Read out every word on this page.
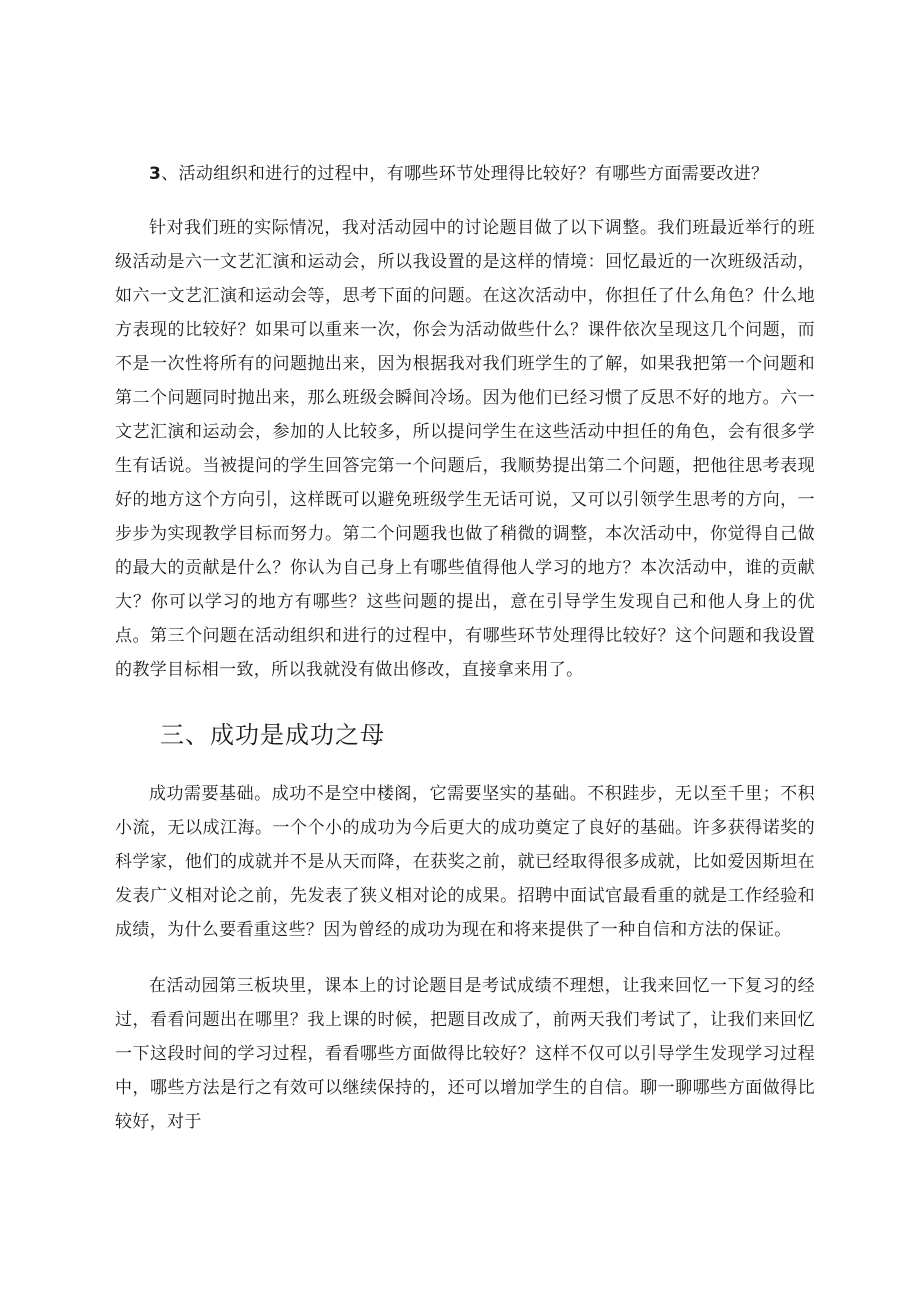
3、活动组织和进行的过程中，有哪些环节处理得比较好？有哪些方面需要改进？

针对我们班的实际情况，我对活动园中的讨论题目做了以下调整。我们班最近举行的班级活动是六一文艺汇演和运动会，所以我设置的是这样的情境：回忆最近的一次班级活动，如六一文艺汇演和运动会等，思考下面的问题。在这次活动中，你担任了什么角色？什么地方表现的比较好？如果可以重来一次，你会为活动做些什么？课件依次呈现这几个问题，而不是一次性将所有的问题抛出来，因为根据我对我们班学生的了解，如果我把第一个问题和第二个问题同时抛出来，那么班级会瞬间冷场。因为他们已经习惯了反思不好的地方。六一文艺汇演和运动会，参加的人比较多，所以提问学生在这些活动中担任的角色，会有很多学生有话说。当被提问的学生回答完第一个问题后，我顺势提出第二个问题，把他往思考表现好的地方这个方向引，这样既可以避免班级学生无话可说，又可以引领学生思考的方向，一步步为实现教学目标而努力。第二个问题我也做了稍微的调整，本次活动中，你觉得自己做的最大的贡献是什么？你认为自己身上有哪些值得他人学习的地方？本次活动中，谁的贡献大？你可以学习的地方有哪些？这些问题的提出，意在引导学生发现自己和他人身上的优点。第三个问题在活动组织和进行的过程中，有哪些环节处理得比较好？这个问题和我设置的教学目标相一致，所以我就没有做出修改，直接拿来用了。

三、成功是成功之母

成功需要基础。成功不是空中楼阁，它需要坚实的基础。不积跬步，无以至千里；不积小流，无以成江海。一个个小的成功为今后更大的成功奠定了良好的基础。许多获得诺奖的科学家，他们的成就并不是从天而降，在获奖之前，就已经取得很多成就，比如爱因斯坦在发表广义相对论之前，先发表了狭义相对论的成果。招聘中面试官最看重的就是工作经验和成绩，为什么要看重这些？因为曾经的成功为现在和将来提供了一种自信和方法的保证。

在活动园第三板块里，课本上的讨论题目是考试成绩不理想，让我来回忆一下复习的经过，看看问题出在哪里？我上课的时候，把题目改成了，前两天我们考试了，让我们来回忆一下这段时间的学习过程，看看哪些方面做得比较好？这样不仅可以引导学生发现学习过程中，哪些方法是行之有效可以继续保持的，还可以增加学生的自信。聊一聊哪些方面做得比较好，对于
